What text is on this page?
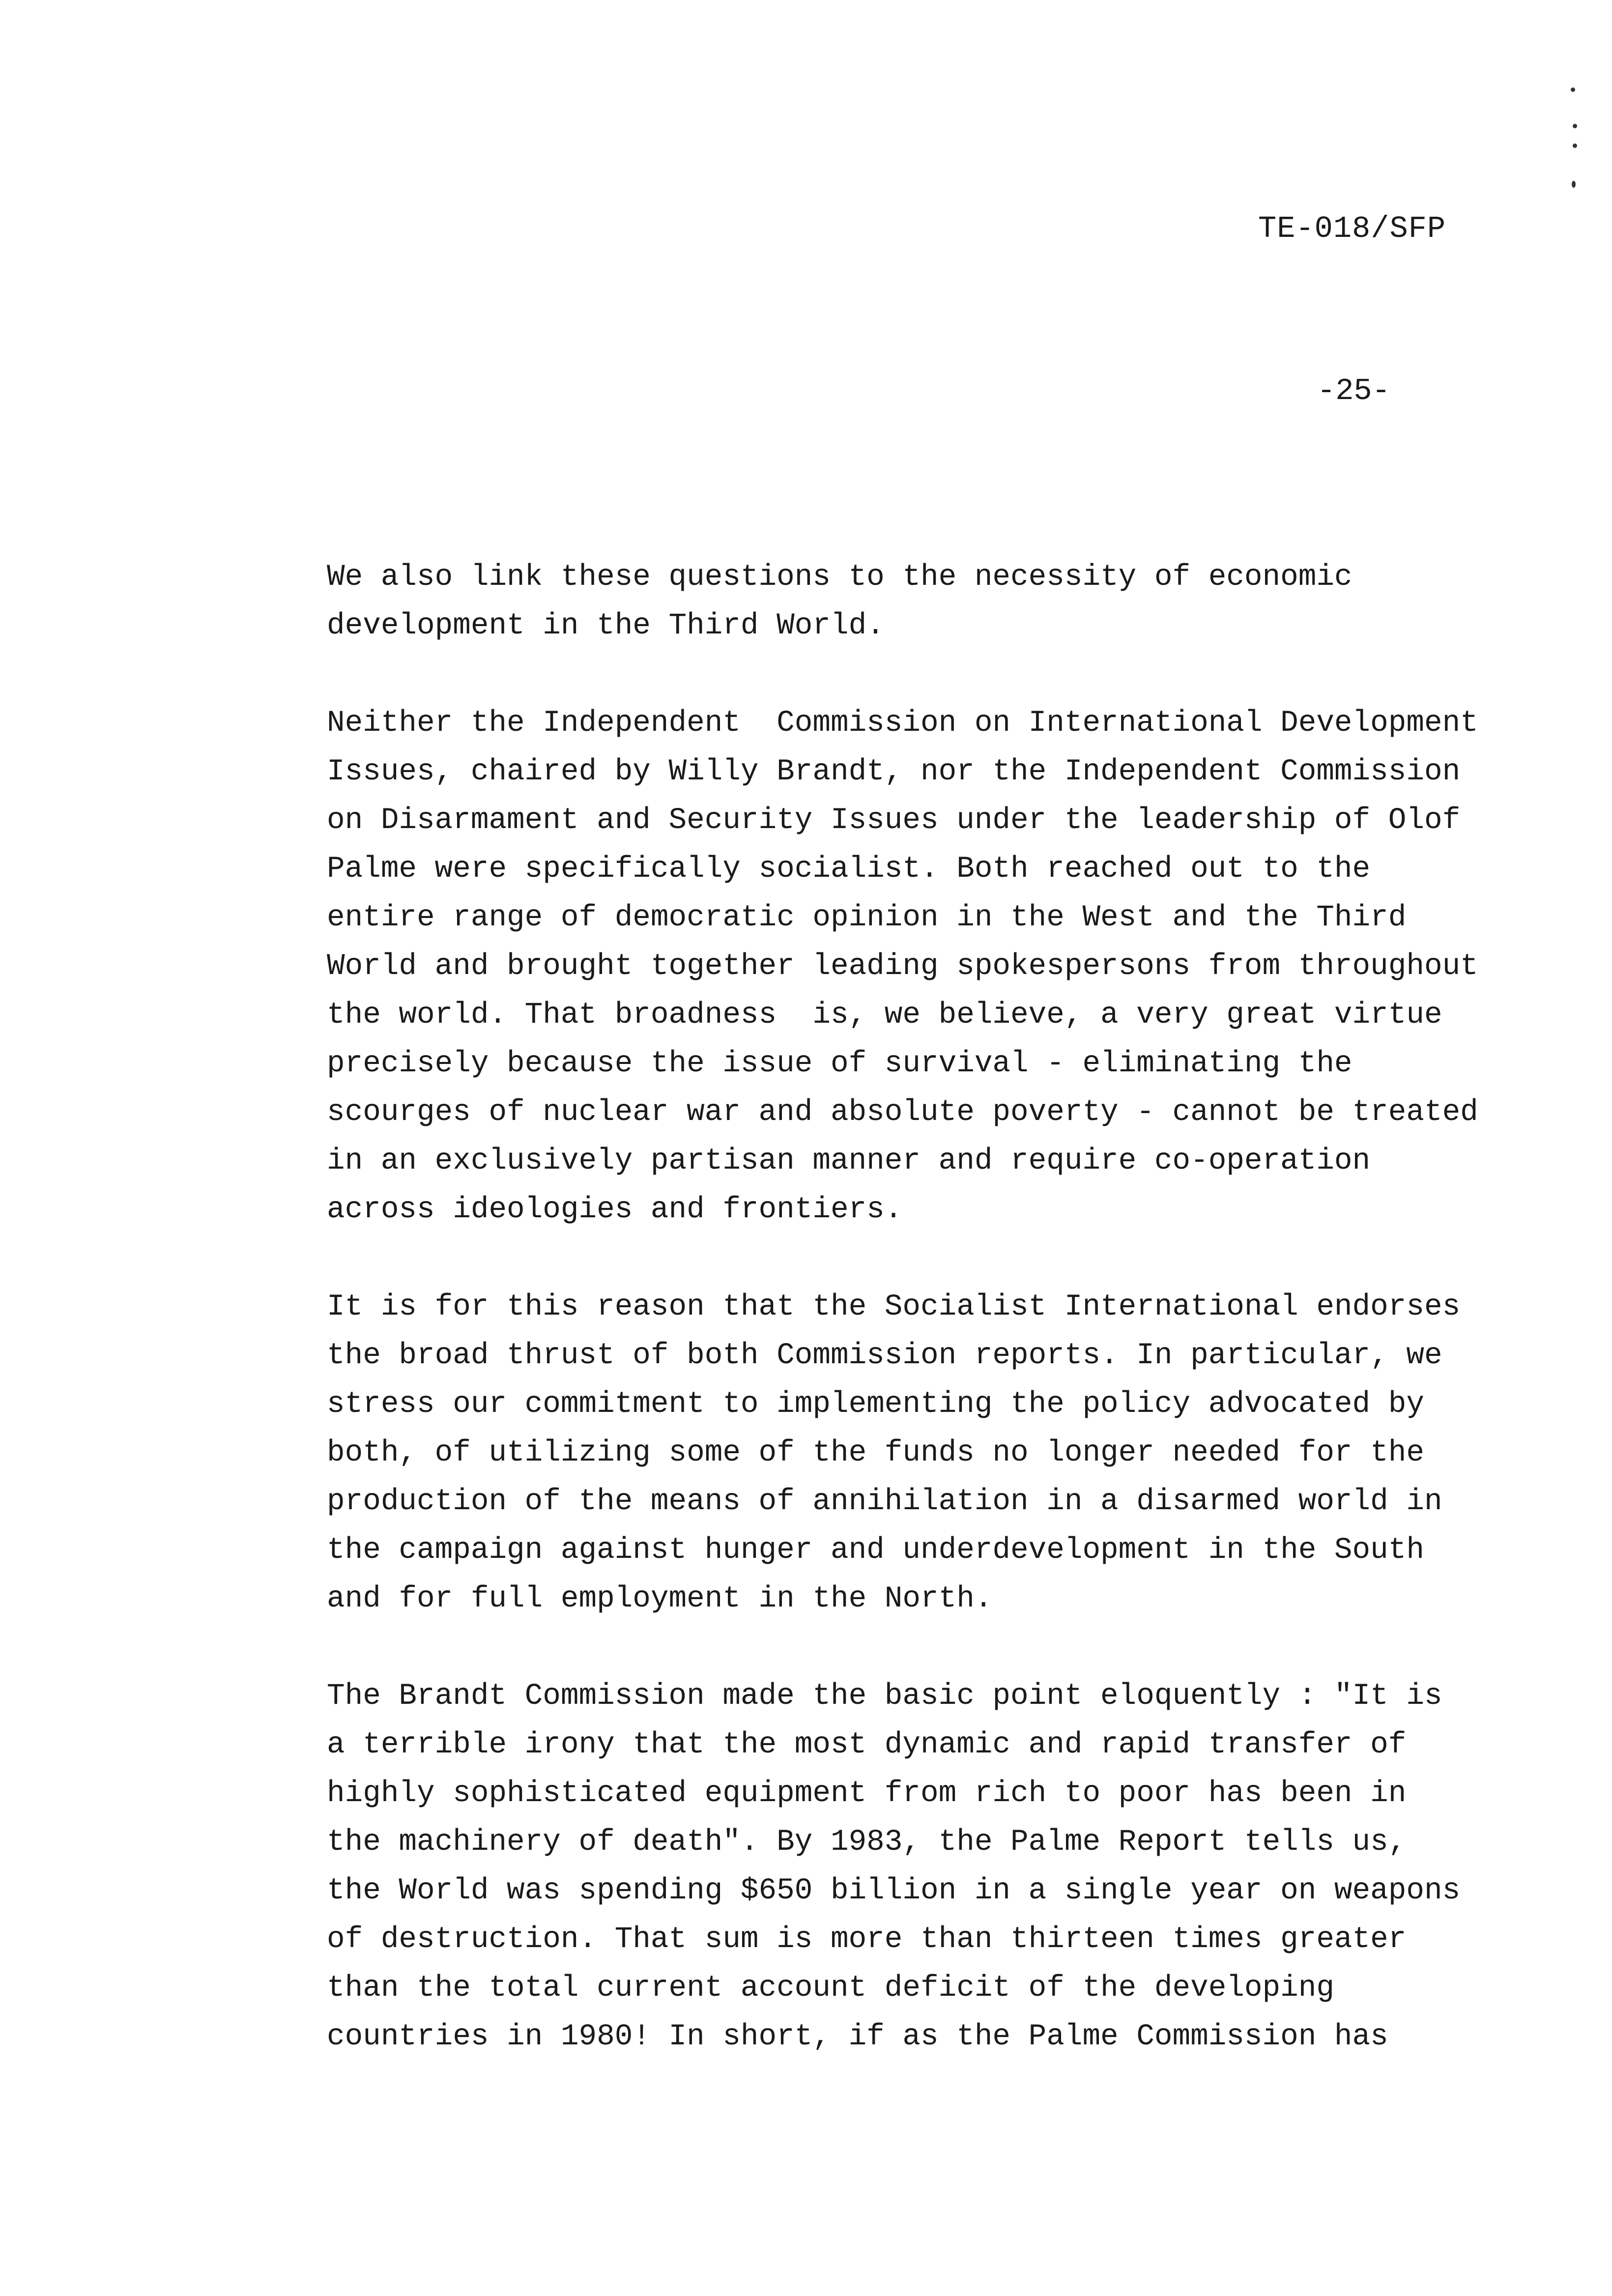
TE-018/SFP
-25-
We also link these questions to the necessity of economic
development in the Third World.
Neither the Independent  Commission on International Development
Issues, chaired by Willy Brandt, nor the Independent Commission
on Disarmament and Security Issues under the leadership of Olof
Palme were specifically socialist. Both reached out to the
entire range of democratic opinion in the West and the Third
World and brought together leading spokespersons from throughout
the world. That broadness  is, we believe, a very great virtue
precisely because the issue of survival - eliminating the
scourges of nuclear war and absolute poverty - cannot be treated
in an exclusively partisan manner and require co-operation
across ideologies and frontiers.
It is for this reason that the Socialist International endorses
the broad thrust of both Commission reports. In particular, we
stress our commitment to implementing the policy advocated by
both, of utilizing some of the funds no longer needed for the
production of the means of annihilation in a disarmed world in
the campaign against hunger and underdevelopment in the South
and for full employment in the North.
The Brandt Commission made the basic point eloquently : "It is
a terrible irony that the most dynamic and rapid transfer of
highly sophisticated equipment from rich to poor has been in
the machinery of death". By 1983, the Palme Report tells us,
the World was spending $650 billion in a single year on weapons
of destruction. That sum is more than thirteen times greater
than the total current account deficit of the developing
countries in 1980! In short, if as the Palme Commission has
